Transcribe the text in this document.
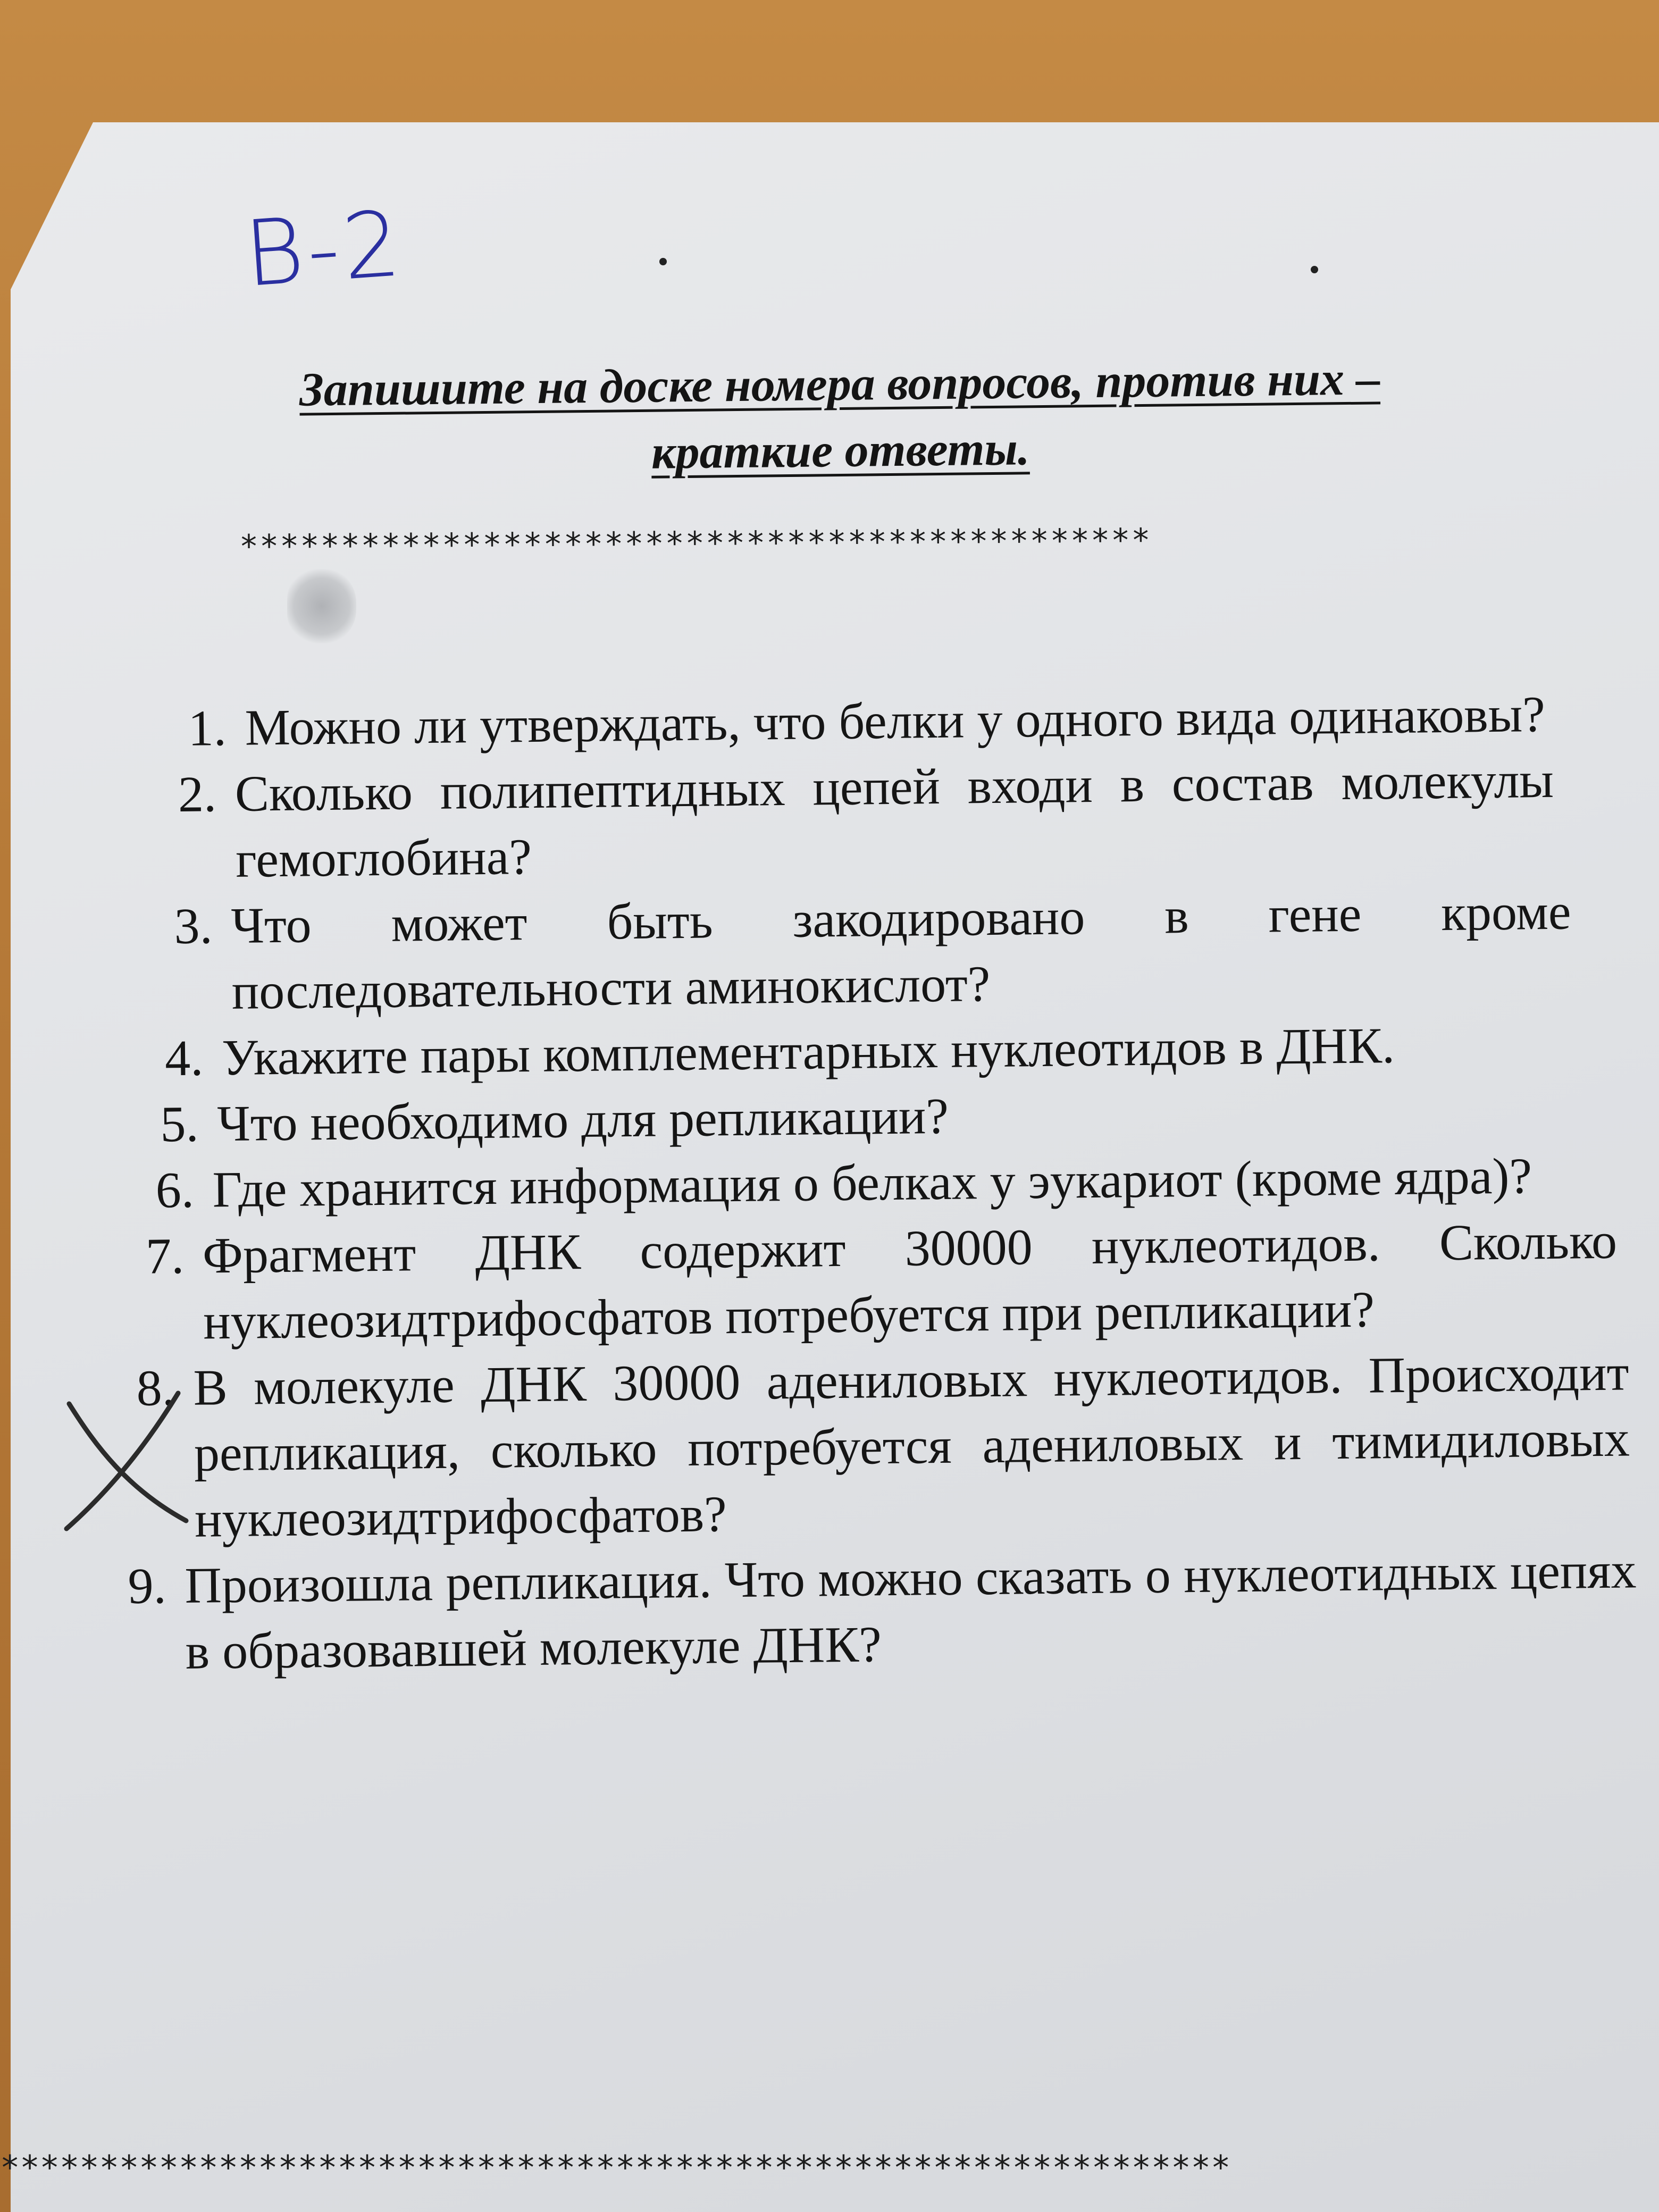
В-2
Запишите на доске номера вопросов, против них –
краткие ответы.
*********************************************
1. Можно ли утверждать, что белки у одного вида одинаковы?
2. Сколько полипептидных цепей входи в состав молекулы гемоглобина?
3. Что может быть закодировано в гене кроме последовательности аминокислот?
4. Укажите пары комплементарных нуклеотидов в ДНК.
5. Что необходимо для репликации?
6. Где хранится информация о белках у эукариот (кроме ядра)?
7. Фрагмент ДНК содержит 30000 нуклеотидов. Сколько нуклеозидтрифосфатов потребуется при репликации?
8. В молекуле ДНК 30000 адениловых нуклеотидов. Происходит репликация, сколько потребуется адениловых и тимидиловых нуклеозидтрифосфатов?
9. Произошла репликация. Что можно сказать о нуклеотидных цепях в образовавшей молекуле ДНК?
**************************************************************
